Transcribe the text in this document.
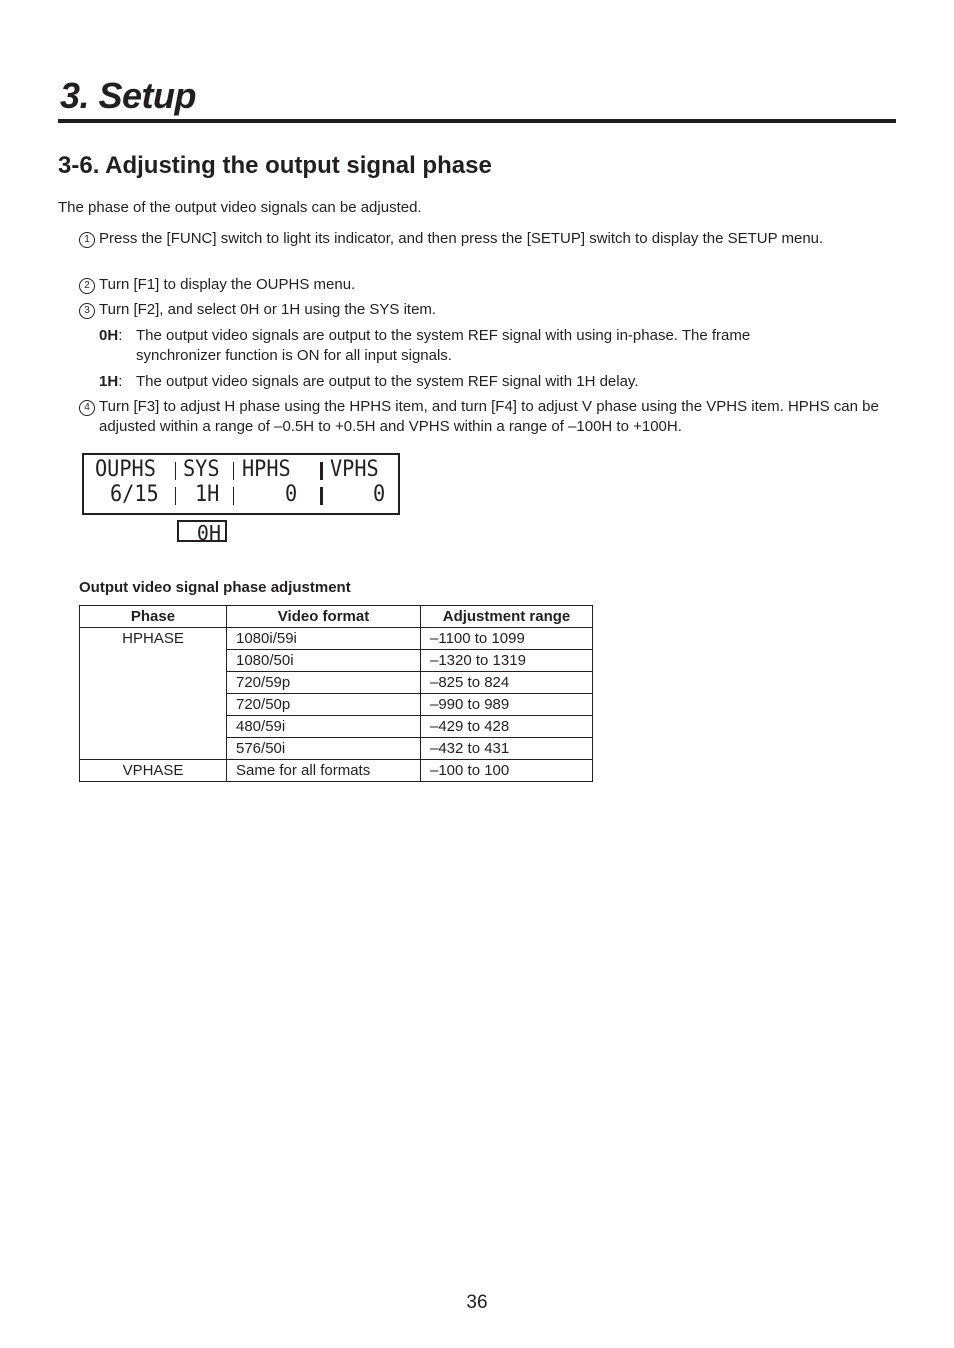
3. Setup
3-6. Adjusting the output signal phase
The phase of the output video signals can be adjusted.
1 Press the [FUNC] switch to light its indicator, and then press the [SETUP] switch to display the SETUP menu.
2 Turn [F1] to display the OUPHS menu.
3 Turn [F2], and select 0H or 1H using the SYS item.
0H: The output video signals are output to the system REF signal with using in-phase. The frame synchronizer function is ON for all input signals.
1H: The output video signals are output to the system REF signal with 1H delay.
4 Turn [F3] to adjust H phase using the HPHS item, and turn [F4] to adjust V phase using the VPHS item. HPHS can be adjusted within a range of –0.5H to +0.5H and VPHS within a range of –100H to +100H.
OUPHS SYS HPHS VPHS
6/15 1H	0	0
0H
Output video signal phase adjustment
Phase	Video format	Adjustment range
HPHASE	1080i/59i	–1100 to 1099
	1080/50i	–1320 to 1319
	720/59p	–825 to 824
	720/50p	–990 to 989
	480/59i	–429 to 428
	576/50i	–432 to 431
VPHASE	Same for all formats	–100 to 100
36
